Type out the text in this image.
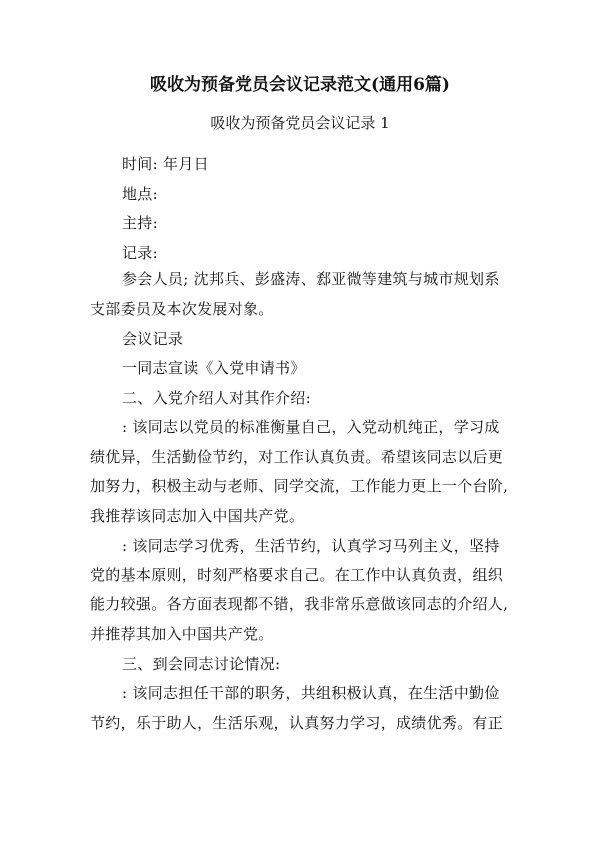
吸收为预备党员会议记录范文(通用6篇)
吸收为预备党员会议记录 1
时间: 年月日
地点:
主持:
记录:
参会人员; 沈邦兵、彭盛涛、郄亚微等建筑与城市规划系
支部委员及本次发展对象。
会议记录
一同志宣读《入党申请书》
二、入党介绍人对其作介绍:
: 该同志以党员的标准衡量自己，入党动机纯正，学习成
绩优异，生活勤俭节约，对工作认真负责。希望该同志以后更
加努力，积极主动与老师、同学交流，工作能力更上一个台阶,
我推荐该同志加入中国共产党。
: 该同志学习优秀，生活节约，认真学习马列主义，坚持
党的基本原则，时刻严格要求自己。在工作中认真负责，组织
能力较强。各方面表现都不错，我非常乐意做该同志的介绍人,
并推荐其加入中国共产党。
三、到会同志讨论情况:
: 该同志担任干部的职务，共组积极认真，在生活中勤俭
节约，乐于助人，生活乐观，认真努力学习，成绩优秀。有正
